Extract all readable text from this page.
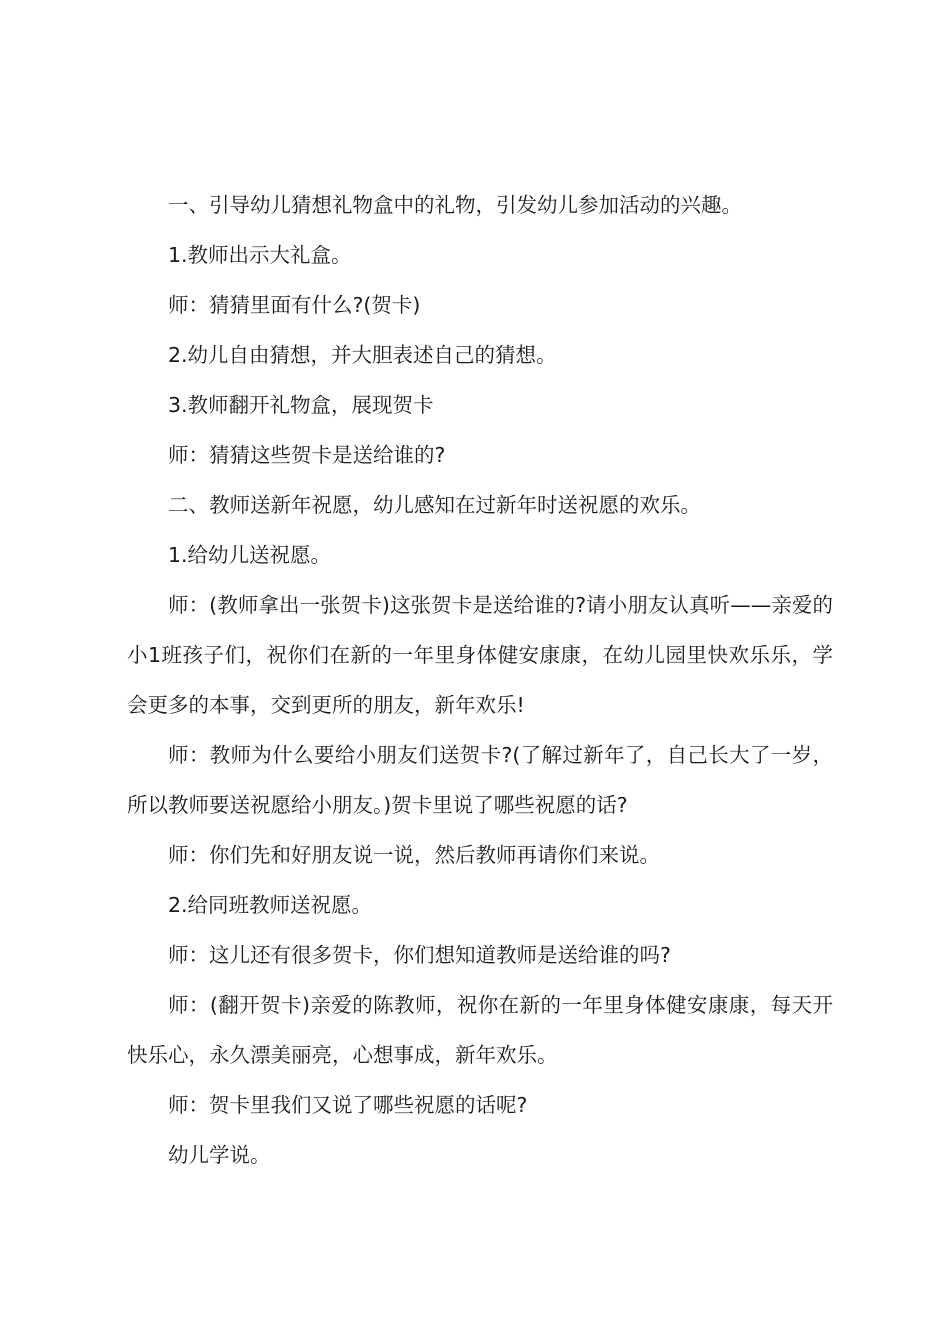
一、引导幼儿猜想礼物盒中的礼物，引发幼儿参加活动的兴趣。

1.教师出示大礼盒。

师：猜猜里面有什么?(贺卡)

2.幼儿自由猜想，并大胆表述自己的猜想。

3.教师翻开礼物盒，展现贺卡

师：猜猜这些贺卡是送给谁的?

二、教师送新年祝愿，幼儿感知在过新年时送祝愿的欢乐。

1.给幼儿送祝愿。

师：(教师拿出一张贺卡)这张贺卡是送给谁的?请小朋友认真听——亲爱的小1班孩子们，祝你们在新的一年里身体健安康康，在幼儿园里快欢乐乐，学会更多的本事，交到更所的朋友，新年欢乐!

师：教师为什么要给小朋友们送贺卡?(了解过新年了，自己长大了一岁，所以教师要送祝愿给小朋友。)贺卡里说了哪些祝愿的话?

师：你们先和好朋友说一说，然后教师再请你们来说。

2.给同班教师送祝愿。

师：这儿还有很多贺卡，你们想知道教师是送给谁的吗?

师：(翻开贺卡)亲爱的陈教师，祝你在新的一年里身体健安康康，每天开快乐心，永久漂美丽亮，心想事成，新年欢乐。

师：贺卡里我们又说了哪些祝愿的话呢?

幼儿学说。
